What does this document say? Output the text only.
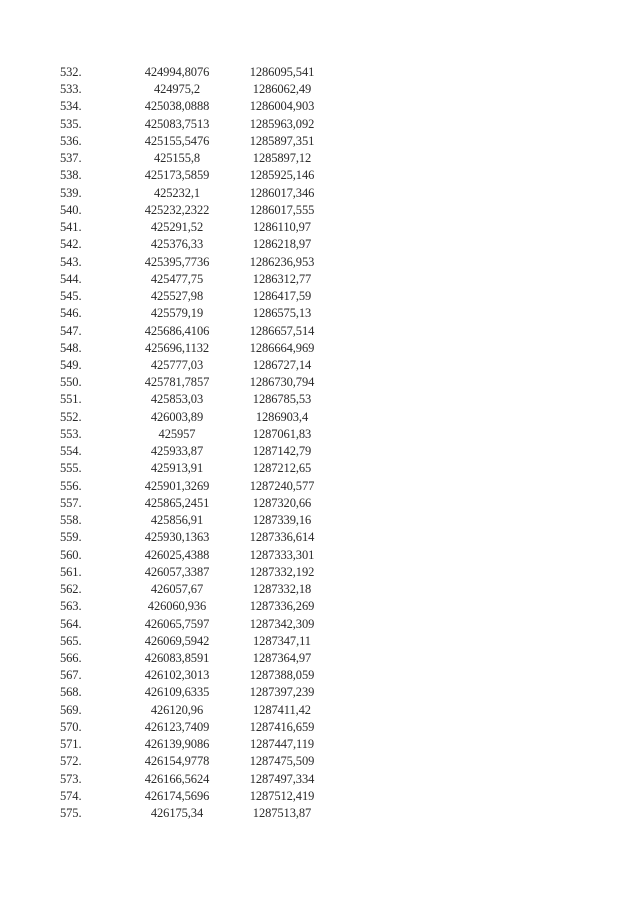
532.	424994,8076	1286095,541
533.	424975,2	1286062,49
534.	425038,0888	1286004,903
535.	425083,7513	1285963,092
536.	425155,5476	1285897,351
537.	425155,8	1285897,12
538.	425173,5859	1285925,146
539.	425232,1	1286017,346
540.	425232,2322	1286017,555
541.	425291,52	1286110,97
542.	425376,33	1286218,97
543.	425395,7736	1286236,953
544.	425477,75	1286312,77
545.	425527,98	1286417,59
546.	425579,19	1286575,13
547.	425686,4106	1286657,514
548.	425696,1132	1286664,969
549.	425777,03	1286727,14
550.	425781,7857	1286730,794
551.	425853,03	1286785,53
552.	426003,89	1286903,4
553.	425957	1287061,83
554.	425933,87	1287142,79
555.	425913,91	1287212,65
556.	425901,3269	1287240,577
557.	425865,2451	1287320,66
558.	425856,91	1287339,16
559.	425930,1363	1287336,614
560.	426025,4388	1287333,301
561.	426057,3387	1287332,192
562.	426057,67	1287332,18
563.	426060,936	1287336,269
564.	426065,7597	1287342,309
565.	426069,5942	1287347,11
566.	426083,8591	1287364,97
567.	426102,3013	1287388,059
568.	426109,6335	1287397,239
569.	426120,96	1287411,42
570.	426123,7409	1287416,659
571.	426139,9086	1287447,119
572.	426154,9778	1287475,509
573.	426166,5624	1287497,334
574.	426174,5696	1287512,419
575.	426175,34	1287513,87
